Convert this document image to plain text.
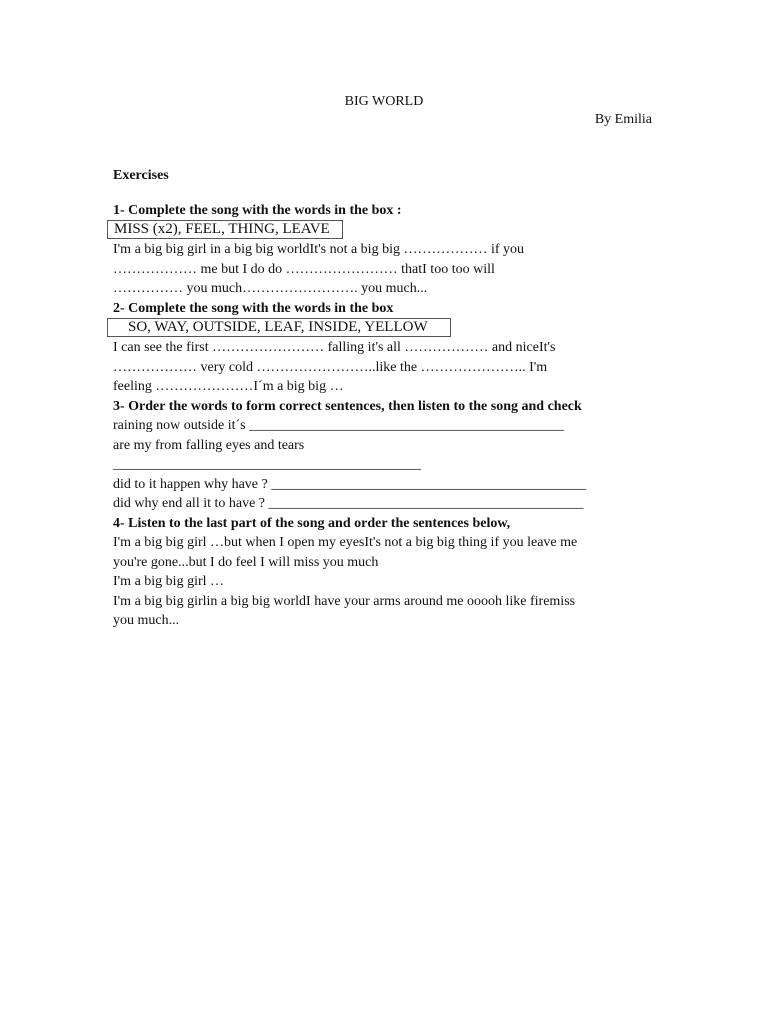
BIG WORLD
By Emilia

Exercises

1- Complete the song with the words in the box :

MISS (x2), FEEL, THING, LEAVE

I'm a big big girl in a big big worldIt's not a big big ……………… if you

……………… me but I do do …………………… thatI too too will

…………… you much……………………. you much...

2- Complete the song with the words in the box

SO, WAY, OUTSIDE, LEAF, INSIDE, YELLOW

I can see the first …………………… falling it's all ……………… and niceIt's

……………… very cold ……………………..like the ………………….. I'm

feeling …………………I´m a big big …

3- Order the words to form correct sentences, then listen to the song and check

raining now outside it´s _____________________________________________

are my from falling eyes and tears

____________________________________________

did to it happen why have ? _____________________________________________

did why end all it to have ? _____________________________________________

4- Listen to the last part of the song and order the sentences below,

I'm a big big girl …but when I open my eyesIt's not a big big thing if you leave me

you're gone...but I do feel I will miss you much

I'm a big big girl …

I'm a big big girlin a big big worldI have your arms around me ooooh like firemiss

you much...
